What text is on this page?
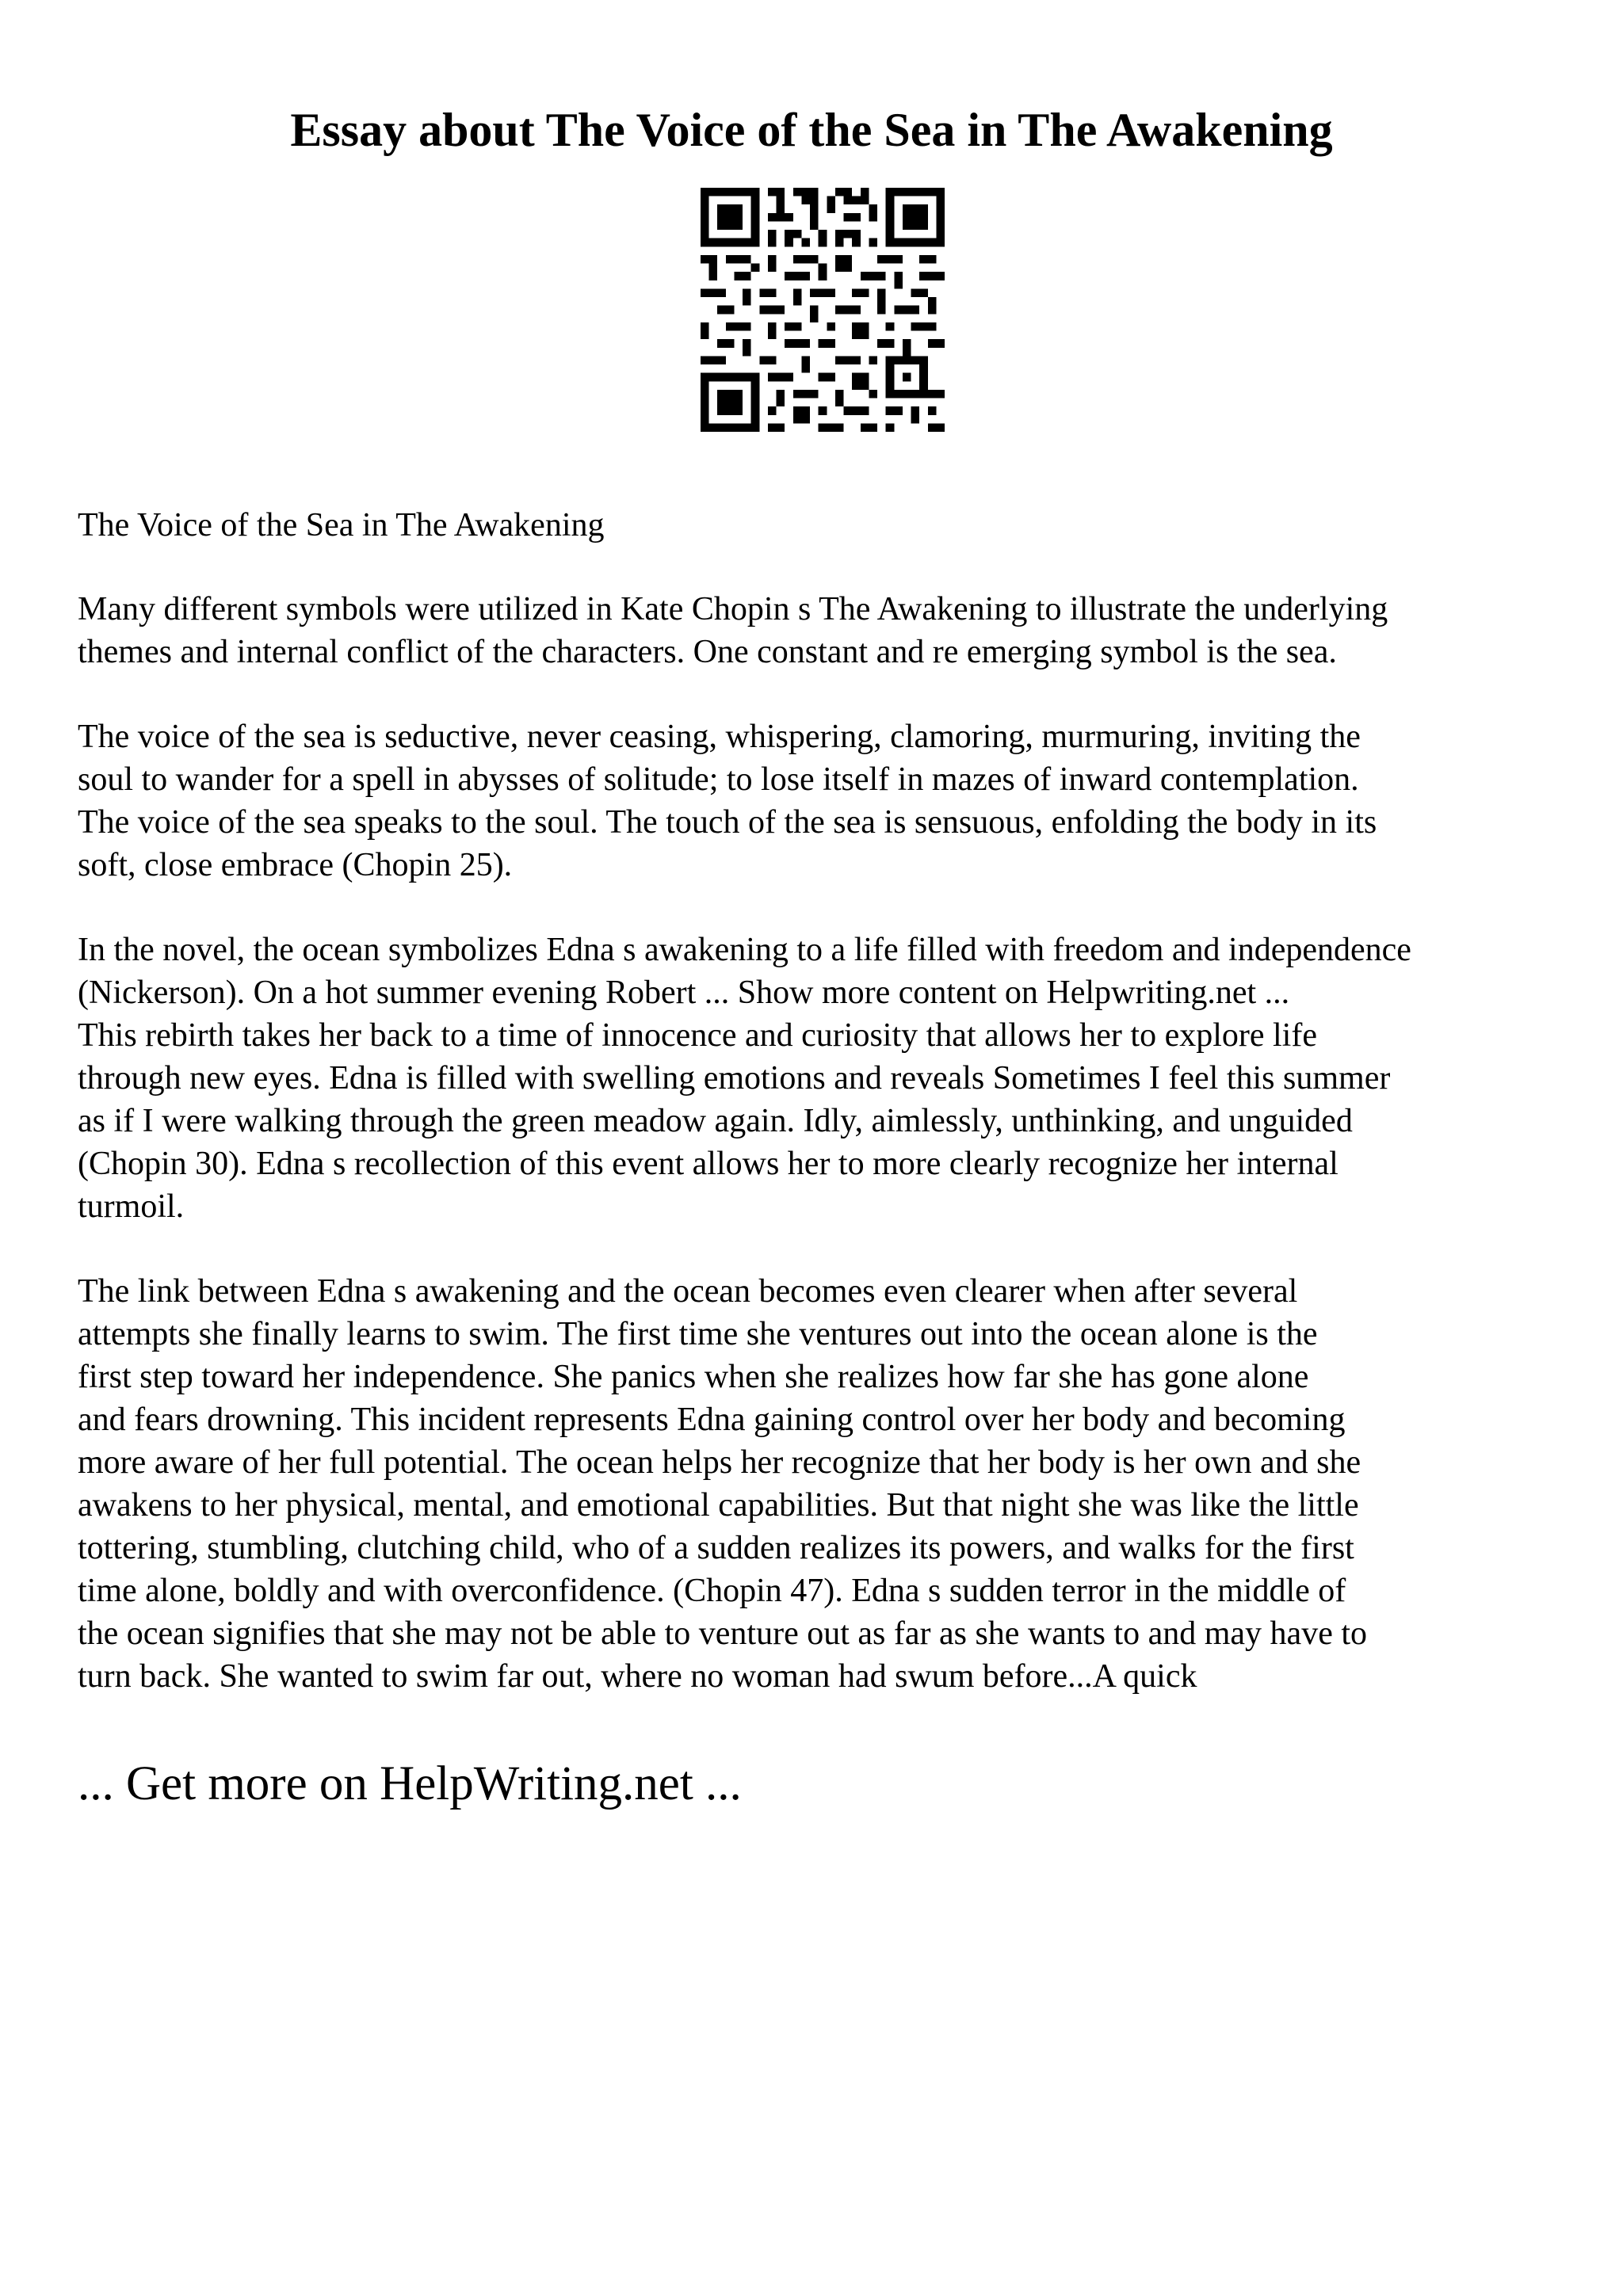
Essay about The Voice of the Sea in The Awakening

The Voice of the Sea in The Awakening

Many different symbols were utilized in Kate Chopin s The Awakening to illustrate the underlying

themes and internal conflict of the characters. One constant and re emerging symbol is the sea.

The voice of the sea is seductive, never ceasing, whispering, clamoring, murmuring, inviting the

soul to wander for a spell in abysses of solitude; to lose itself in mazes of inward contemplation.

The voice of the sea speaks to the soul. The touch of the sea is sensuous, enfolding the body in its

soft, close embrace (Chopin 25).

In the novel, the ocean symbolizes Edna s awakening to a life filled with freedom and independence

(Nickerson). On a hot summer evening Robert ... Show more content on Helpwriting.net ...

This rebirth takes her back to a time of innocence and curiosity that allows her to explore life

through new eyes. Edna is filled with swelling emotions and reveals Sometimes I feel this summer

as if I were walking through the green meadow again. Idly, aimlessly, unthinking, and unguided

(Chopin 30). Edna s recollection of this event allows her to more clearly recognize her internal

turmoil.

The link between Edna s awakening and the ocean becomes even clearer when after several

attempts she finally learns to swim. The first time she ventures out into the ocean alone is the

first step toward her independence. She panics when she realizes how far she has gone alone

and fears drowning. This incident represents Edna gaining control over her body and becoming

more aware of her full potential. The ocean helps her recognize that her body is her own and she

awakens to her physical, mental, and emotional capabilities. But that night she was like the little

tottering, stumbling, clutching child, who of a sudden realizes its powers, and walks for the first

time alone, boldly and with overconfidence. (Chopin 47). Edna s sudden terror in the middle of

the ocean signifies that she may not be able to venture out as far as she wants to and may have to

turn back. She wanted to swim far out, where no woman had swum before...A quick

... Get more on HelpWriting.net ...
